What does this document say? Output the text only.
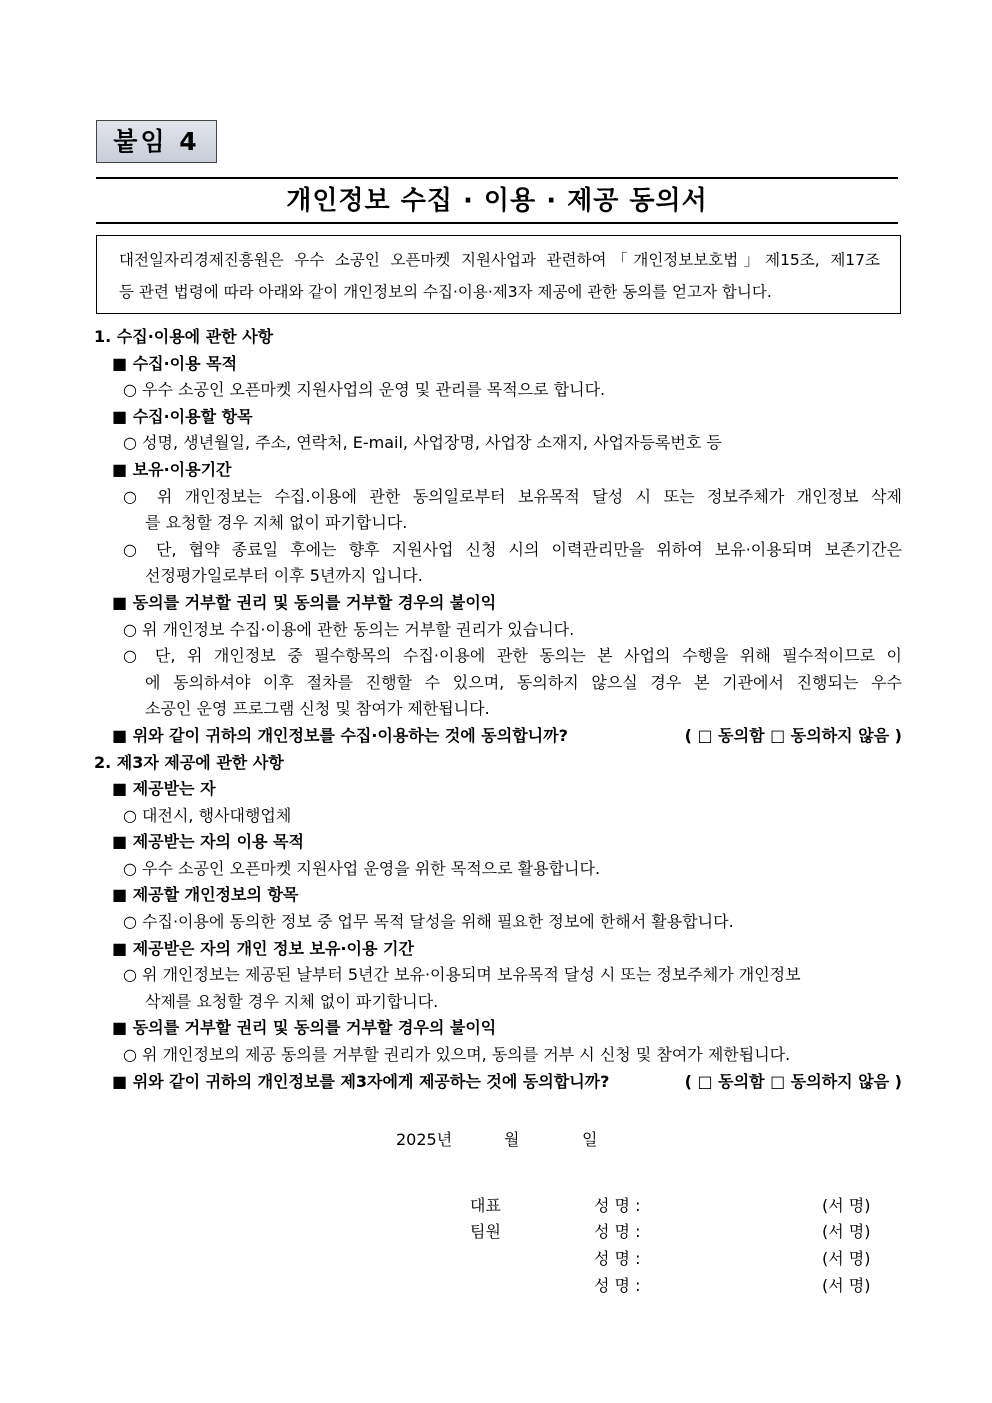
붙임 4
개인정보 수집 · 이용 · 제공 동의서

대전일자리경제진흥원은 우수 소공인 오픈마켓 지원사업과 관련하여「개인정보보호법」제15조, 제17조

등 관련 법령에 따라 아래와 같이 개인정보의 수집·이용·제3자 제공에 관한 동의를 얻고자 합니다.

1. 수집·이용에 관한 사항
■ 수집·이용 목적
○ 우수 소공인 오픈마켓 지원사업의 운영 및 관리를 목적으로 합니다.
■ 수집·이용할 항목
○ 성명, 생년월일, 주소, 연락처, E-mail, 사업장명, 사업장 소재지, 사업자등록번호 등
■ 보유·이용기간
○ 위 개인정보는 수집.이용에 관한 동의일로부터 보유목적 달성 시 또는 정보주체가 개인정보 삭제
를 요청할 경우 지체 없이 파기합니다.
○ 단, 협약 종료일 후에는 향후 지원사업 신청 시의 이력관리만을 위하여 보유·이용되며 보존기간은
선정평가일로부터 이후 5년까지 입니다.
■ 동의를 거부할 권리 및 동의를 거부할 경우의 불이익
○ 위 개인정보 수집·이용에 관한 동의는 거부할 권리가 있습니다.
○ 단, 위 개인정보 중 필수항목의 수집·이용에 관한 동의는 본 사업의 수행을 위해 필수적이므로 이
에 동의하셔야 이후 절차를 진행할 수 있으며, 동의하지 않으실 경우 본 기관에서 진행되는 우수
소공인 운영 프로그램 신청 및 참여가 제한됩니다.
■ 위와 같이 귀하의 개인정보를 수집·이용하는 것에 동의합니까?	( □ 동의함 □ 동의하지 않음 )
2. 제3자 제공에 관한 사항
■ 제공받는 자
○ 대전시, 행사대행업체
■ 제공받는 자의 이용 목적
○ 우수 소공인 오픈마켓 지원사업 운영을 위한 목적으로 활용합니다.
■ 제공할 개인정보의 항목
○ 수집·이용에 동의한 정보 중 업무 목적 달성을 위해 필요한 정보에 한해서 활용합니다.
■ 제공받은 자의 개인 정보 보유·이용 기간
○ 위 개인정보는 제공된 날부터 5년간 보유·이용되며 보유목적 달성 시 또는 정보주체가 개인정보
삭제를 요청할 경우 지체 없이 파기합니다.
■ 동의를 거부할 권리 및 동의를 거부할 경우의 불이익
○ 위 개인정보의 제공 동의를 거부할 권리가 있으며, 동의를 거부 시 신청 및 참여가 제한됩니다.
■ 위와 같이 귀하의 개인정보를 제3자에게 제공하는 것에 동의합니까?	( □ 동의함 □ 동의하지 않음 )
2025년	월	일
대표	성 명 :	(서 명)
팀원	성 명 :	(서 명)
성 명 :	(서 명)
성 명 :	(서 명)
